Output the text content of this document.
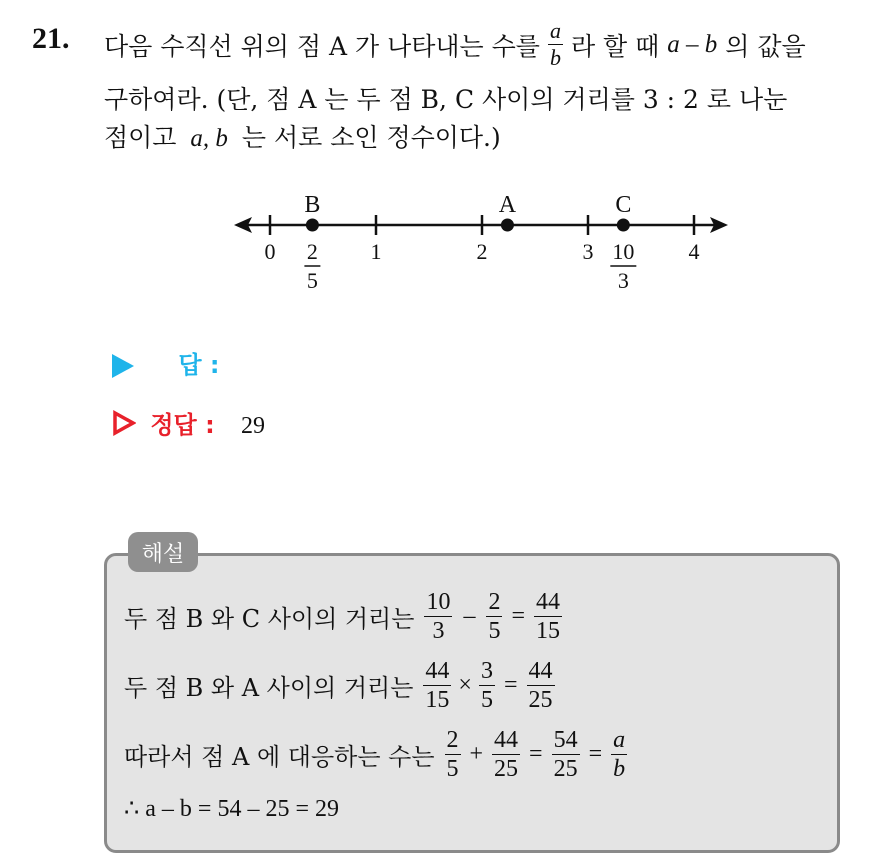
21. 다음 수직선 위의 점 A 가 나타내는 수를 $\frac{a}{b}$ 라 할 때 a – b 의 값을
구하여라. (단, 점 A 는 두 점 B, C 사이의 거리를 3 : 2 로 나눈
점이고 a, b 는 서로 소인 정수이다.)
0	1	2	3	4
B
2
5
A	C
10
3
답 :
정답 : 29
해설
두 점 B 와 C 사이의 거리는 $\frac{10}{3} - \frac{2}{5} = \frac{44}{15}$
두 점 B 와 A 사이의 거리는 $\frac{44}{15} \times \frac{3}{5} = \frac{44}{25}$
따라서 점 A 에 대응하는 수는 $\frac{2}{5} + \frac{44}{25} = \frac{54}{25} = \frac{a}{b}$
∴ a – b = 54 – 25 = 29
